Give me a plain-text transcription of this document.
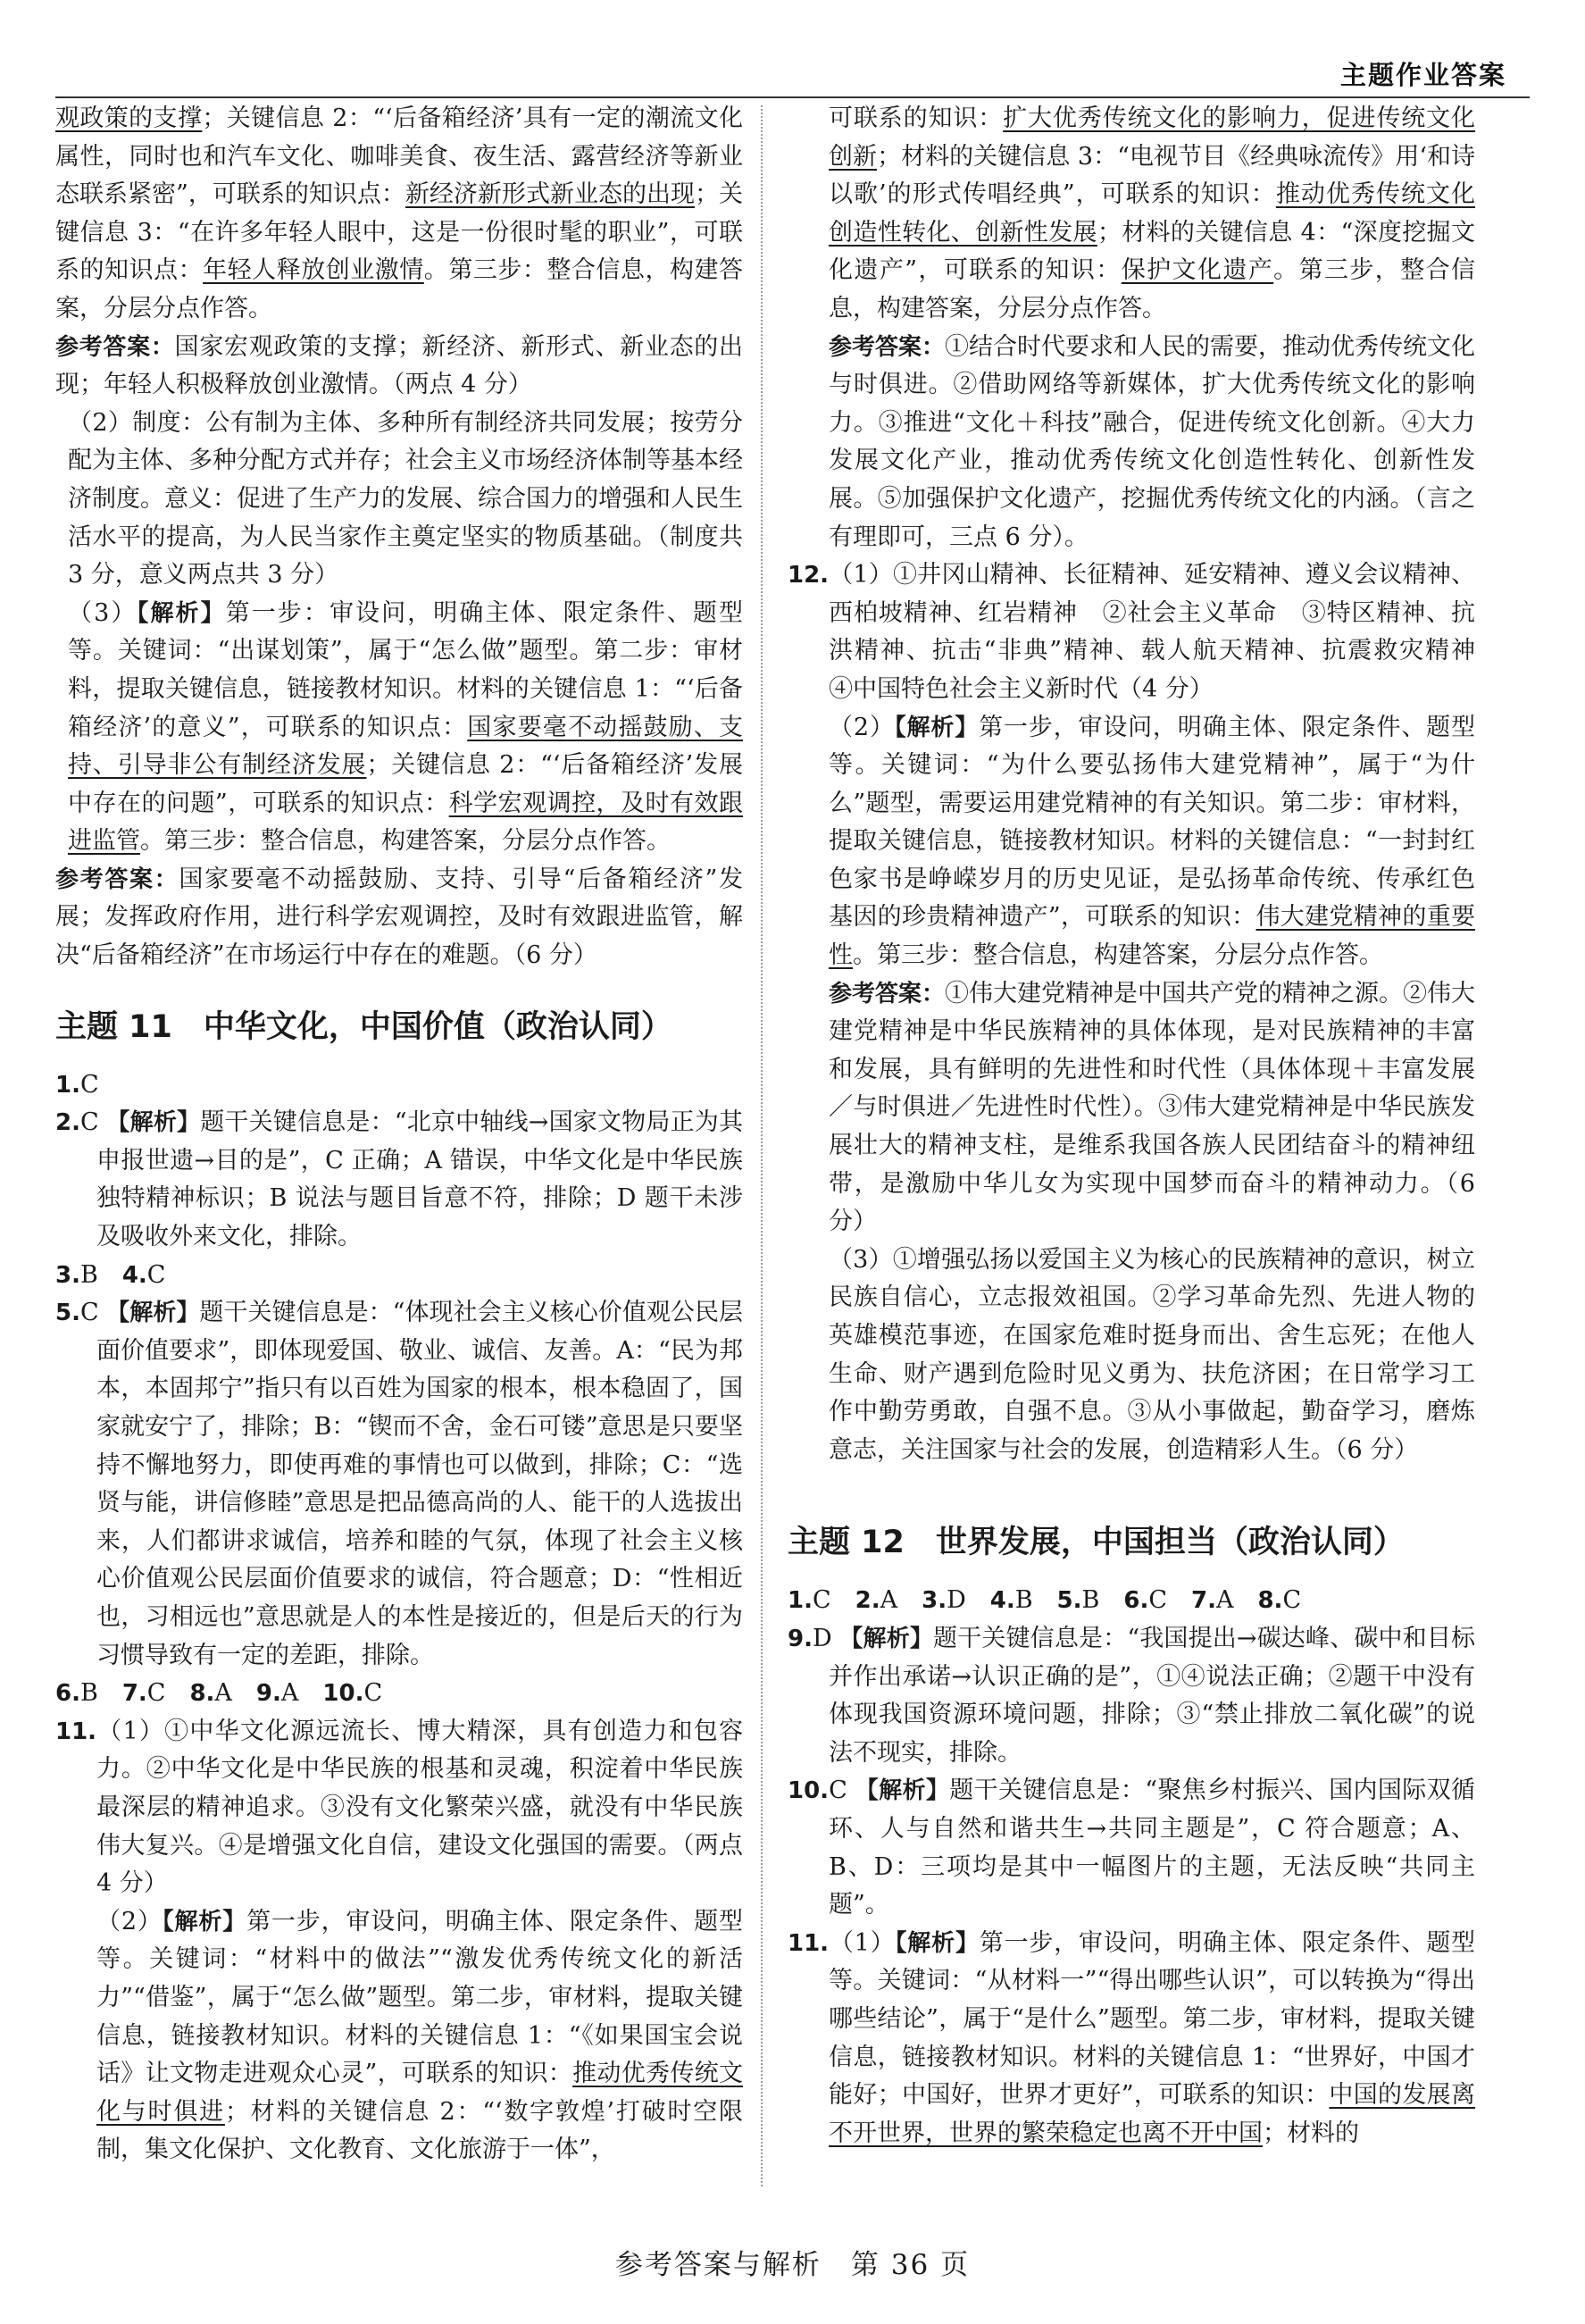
主题作业答案

观政策的支撑；关键信息 2：“‘后备箱经济’具有一定的潮流文化属性，同时也和汽车文化、咖啡美食、夜生活、露营经济等新业态联系紧密”，可联系的知识点：新经济新形式新业态的出现；关键信息 3：“在许多年轻人眼中，这是一份很时髦的职业”，可联系的知识点：年轻人释放创业激情。第三步：整合信息，构建答案，分层分点作答。

参考答案：国家宏观政策的支撑；新经济、新形式、新业态的出现；年轻人积极释放创业激情。（两点 4 分）

（2）制度：公有制为主体、多种所有制经济共同发展；按劳分配为主体、多种分配方式并存；社会主义市场经济体制等基本经济制度。意义：促进了生产力的发展、综合国力的增强和人民生活水平的提高，为人民当家作主奠定坚实的物质基础。（制度共 3 分，意义两点共 3 分）

（3）【解析】第一步：审设问，明确主体、限定条件、题型等。关键词：“出谋划策”，属于“怎么做”题型。第二步：审材料，提取关键信息，链接教材知识。材料的关键信息 1：“‘后备箱经济’的意义”，可联系的知识点：国家要毫不动摇鼓励、支持、引导非公有制经济发展；关键信息 2：“‘后备箱经济’发展中存在的问题”，可联系的知识点：科学宏观调控，及时有效跟进监管。第三步：整合信息，构建答案，分层分点作答。

参考答案：国家要毫不动摇鼓励、支持、引导“后备箱经济”发展；发挥政府作用，进行科学宏观调控，及时有效跟进监管，解决“后备箱经济”在市场运行中存在的难题。（6 分）

主题 11　中华文化，中国价值（政治认同）

1.C

2.C 【解析】题干关键信息是：“北京中轴线→国家文物局正为其申报世遗→目的是”，C 正确；A 错误，中华文化是中华民族独特精神标识；B 说法与题目旨意不符，排除；D 题干未涉及吸收外来文化，排除。

3.B　 4.C

5.C 【解析】题干关键信息是：“体现社会主义核心价值观公民层面价值要求”，即体现爱国、敬业、诚信、友善。A：“民为邦本，本固邦宁”指只有以百姓为国家的根本，根本稳固了，国家就安宁了，排除；B：“锲而不舍，金石可镂”意思是只要坚持不懈地努力，即使再难的事情也可以做到，排除；C：“选贤与能，讲信修睦”意思是把品德高尚的人、能干的人选拔出来，人们都讲求诚信，培养和睦的气氛，体现了社会主义核心价值观公民层面价值要求的诚信，符合题意；D：“性相近也，习相远也”意思就是人的本性是接近的，但是后天的行为习惯导致有一定的差距，排除。

6.B　 7.C　 8.A　 9.A　 10.C

11.（1）①中华文化源远流长、博大精深，具有创造力和包容力。②中华文化是中华民族的根基和灵魂，积淀着中华民族最深层的精神追求。③没有文化繁荣兴盛，就没有中华民族伟大复兴。④是增强文化自信，建设文化强国的需要。（两点 4 分）

（2）【解析】第一步，审设问，明确主体、限定条件、题型等。关键词：“材料中的做法”“激发优秀传统文化的新活力”“借鉴”，属于“怎么做”题型。第二步，审材料，提取关键信息，链接教材知识。材料的关键信息 1：“《如果国宝会说话》让文物走进观众心灵”，可联系的知识：推动优秀传统文化与时俱进；材料的关键信息 2：“‘数字敦煌’打破时空限制，集文化保护、文化教育、文化旅游于一体”，

可联系的知识：扩大优秀传统文化的影响力，促进传统文化创新；材料的关键信息 3：“电视节目《经典咏流传》用‘和诗以歌’的形式传唱经典”，可联系的知识：推动优秀传统文化创造性转化、创新性发展；材料的关键信息 4：“深度挖掘文化遗产”，可联系的知识：保护文化遗产。第三步，整合信息，构建答案，分层分点作答。

参考答案：①结合时代要求和人民的需要，推动优秀传统文化与时俱进。②借助网络等新媒体，扩大优秀传统文化的影响力。③推进“文化＋科技”融合，促进传统文化创新。④大力发展文化产业，推动优秀传统文化创造性转化、创新性发展。⑤加强保护文化遗产，挖掘优秀传统文化的内涵。（言之有理即可，三点 6 分）。

12.（1）①井冈山精神、长征精神、延安精神、遵义会议精神、西柏坡精神、红岩精神　②社会主义革命　③特区精神、抗洪精神、抗击“非典”精神、载人航天精神、抗震救灾精神　④中国特色社会主义新时代（4 分）

（2）【解析】第一步，审设问，明确主体、限定条件、题型等。关键词：“为什么要弘扬伟大建党精神”，属于“为什么”题型，需要运用建党精神的有关知识。第二步：审材料，提取关键信息，链接教材知识。材料的关键信息：“一封封红色家书是峥嵘岁月的历史见证，是弘扬革命传统、传承红色基因的珍贵精神遗产”，可联系的知识：伟大建党精神的重要性。第三步：整合信息，构建答案，分层分点作答。

参考答案：①伟大建党精神是中国共产党的精神之源。②伟大建党精神是中华民族精神的具体体现，是对民族精神的丰富和发展，具有鲜明的先进性和时代性（具体体现＋丰富发展／与时俱进／先进性时代性）。③伟大建党精神是中华民族发展壮大的精神支柱，是维系我国各族人民团结奋斗的精神纽带，是激励中华儿女为实现中国梦而奋斗的精神动力。（6 分）

（3）①增强弘扬以爱国主义为核心的民族精神的意识，树立民族自信心，立志报效祖国。②学习革命先烈、先进人物的英雄模范事迹，在国家危难时挺身而出、舍生忘死；在他人生命、财产遇到危险时见义勇为、扶危济困；在日常学习工作中勤劳勇敢，自强不息。③从小事做起，勤奋学习，磨炼意志，关注国家与社会的发展，创造精彩人生。（6 分）

主题 12　世界发展，中国担当（政治认同）

1.C　 2.A　 3.D　 4.B　 5.B　 6.C　 7.A　 8.C

9.D 【解析】题干关键信息是：“我国提出→碳达峰、碳中和目标并作出承诺→认识正确的是”，①④说法正确；②题干中没有体现我国资源环境问题，排除；③“禁止排放二氧化碳”的说法不现实，排除。

10.C 【解析】题干关键信息是：“聚焦乡村振兴、国内国际双循环、人与自然和谐共生→共同主题是”，C 符合题意；A、B、D：三项均是其中一幅图片的主题，无法反映“共同主题”。

11.（1）【解析】第一步，审设问，明确主体、限定条件、题型等。关键词：“从材料一”“得出哪些认识”，可以转换为“得出哪些结论”，属于“是什么”题型。第二步，审材料，提取关键信息，链接教材知识。材料的关键信息 1：“世界好，中国才能好；中国好，世界才更好”，可联系的知识：中国的发展离不开世界，世界的繁荣稳定也离不开中国；材料的

参考答案与解析　第 36 页
